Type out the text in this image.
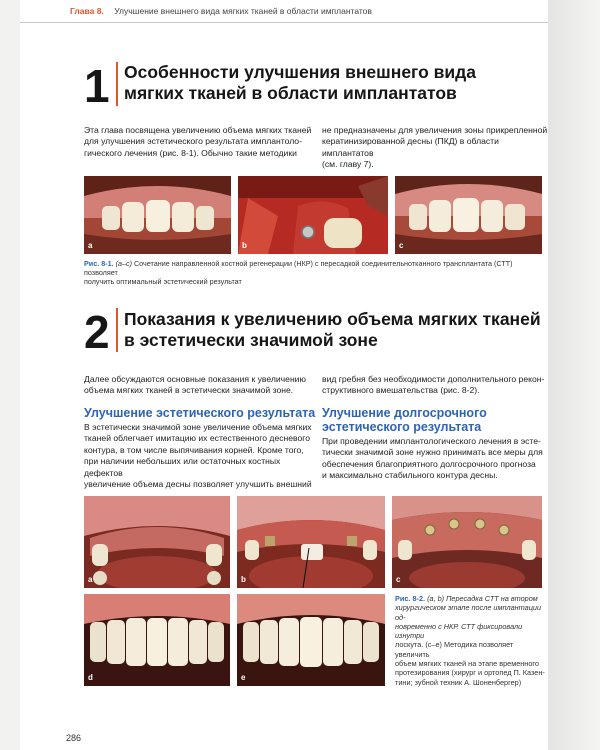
Глава 8. Улучшение внешнего вида мягких тканей в области имплантатов
1 Особенности улучшения внешнего вида
мягких тканей в области имплантатов
Эта глава посвящена увеличению объема мягких тканей
для улучшения эстетического результата имплантоло-
гического лечения (рис. 8-1). Обычно такие методики
не предназначены для увеличения зоны прикрепленной
кератинизированной десны (ПКД) в области имплантатов
(см. главу 7).
a	b	c
Рис. 8-1. (a–c) Сочетание направленной костной регенерации (НКР) с пересадкой соединительнотканного трансплантата (СТТ) позволяет
получить оптимальный эстетический результат
2 Показания к увеличению объема мягких тканей
в эстетически значимой зоне
Далее обсуждаются основные показания к увеличению
объема мягких тканей в эстетически значимой зоне.
вид гребня без необходимости дополнительного рекон-
структивного вмешательства (рис. 8-2).
Улучшение эстетического результата
В эстетически значимой зоне увеличение объема мягких
тканей облегчает имитацию их естественного десневого
контура, в том числе выпячивания корней. Кроме того,
при наличии небольших или остаточных костных дефектов
увеличение объема десны позволяет улучшить внешний
Улучшение долгосрочного
эстетического результата
При проведении имплантологического лечения в эсте-
тически значимой зоне нужно принимать все меры для
обеспечения благоприятного долгосрочного прогноза
и максимально стабильного контура десны.
a	b	c
d	e
Рис. 8-2. (a, b) Пересадка СТТ на втором
хирургическом этапе после имплантации од-
новременно с НКР. СТТ фиксировали изнутри
лоскута. (c–e) Методика позволяет увеличить
объем мягких тканей на этапе временного
протезирования (хирург и ортопед П. Казен-
тини; зубной техник А. Шоненбергер)
286
